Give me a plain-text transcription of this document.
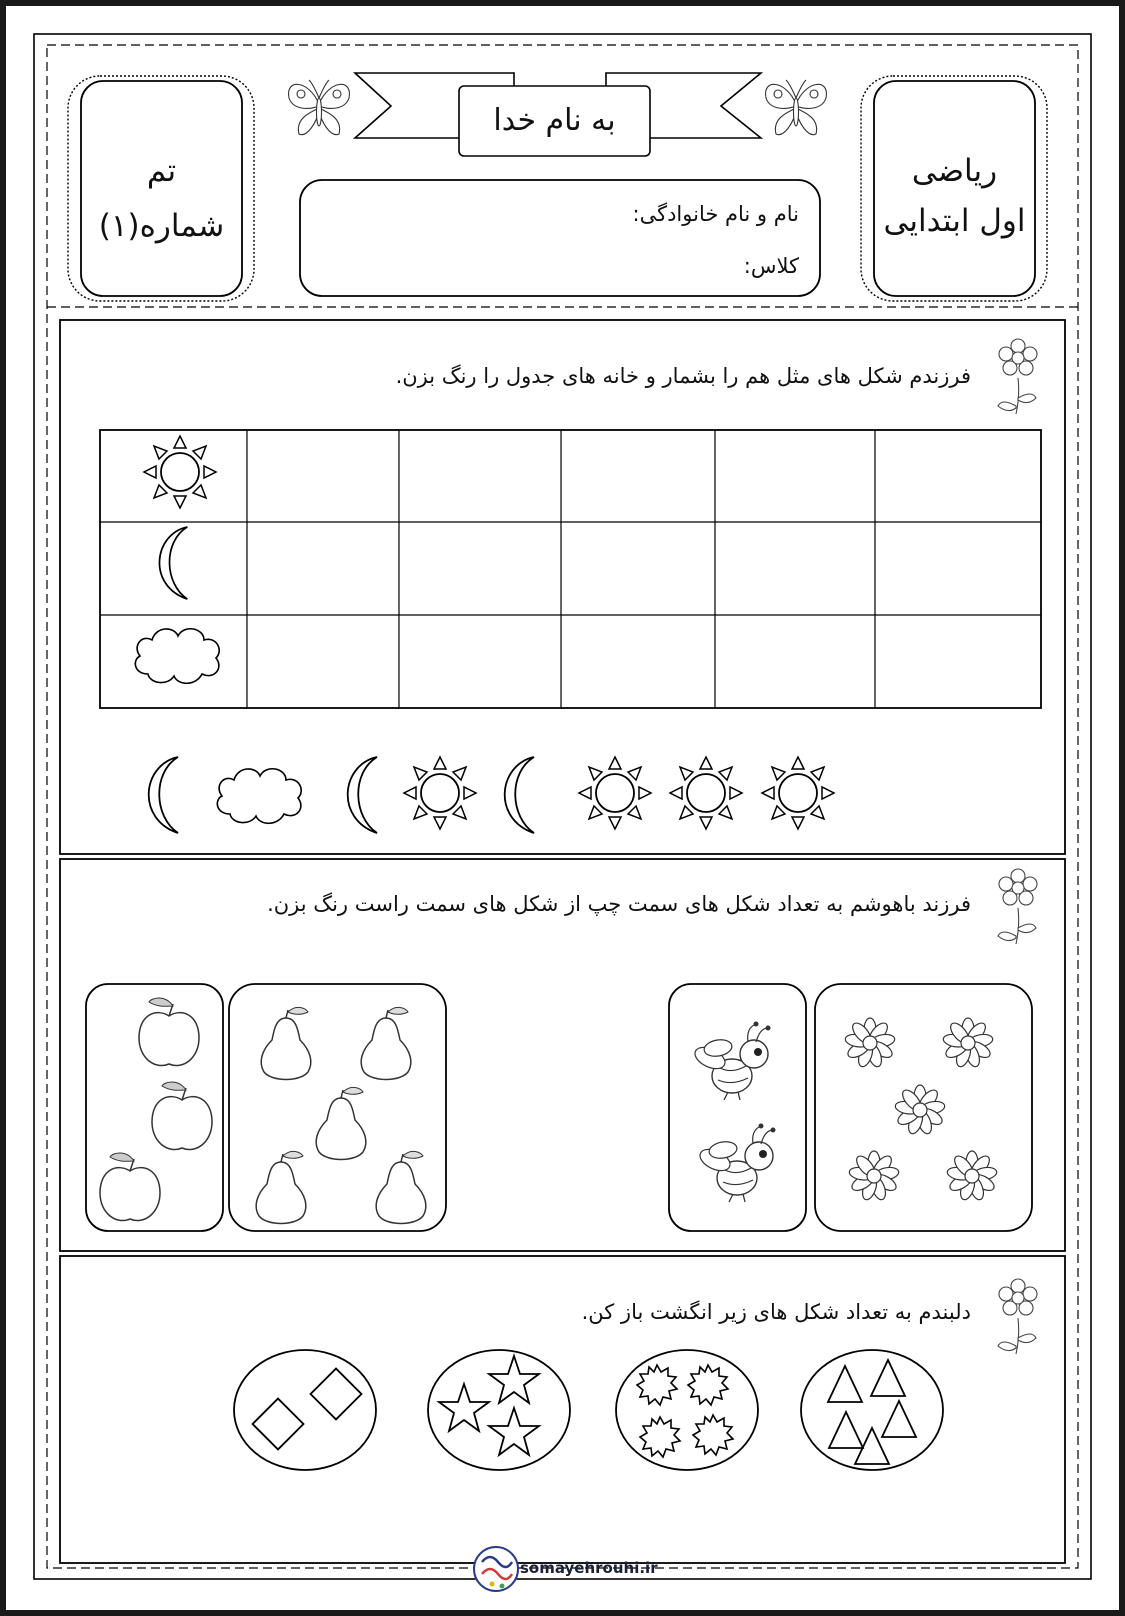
به نام خدا
ریاضی
اول ابتدایی
تم
شماره(۱)	نام و نام خانوادگی:
کلاس:
فرزندم شکل های مثل هم را بشمار و خانه های جدول را رنگ بزن.
فرزند باهوشم به تعداد شکل های سمت چپ از شکل های سمت راست رنگ بزن.
دلبندم به تعداد شکل های زیر انگشت باز کن.
somayehrouhi.ir
